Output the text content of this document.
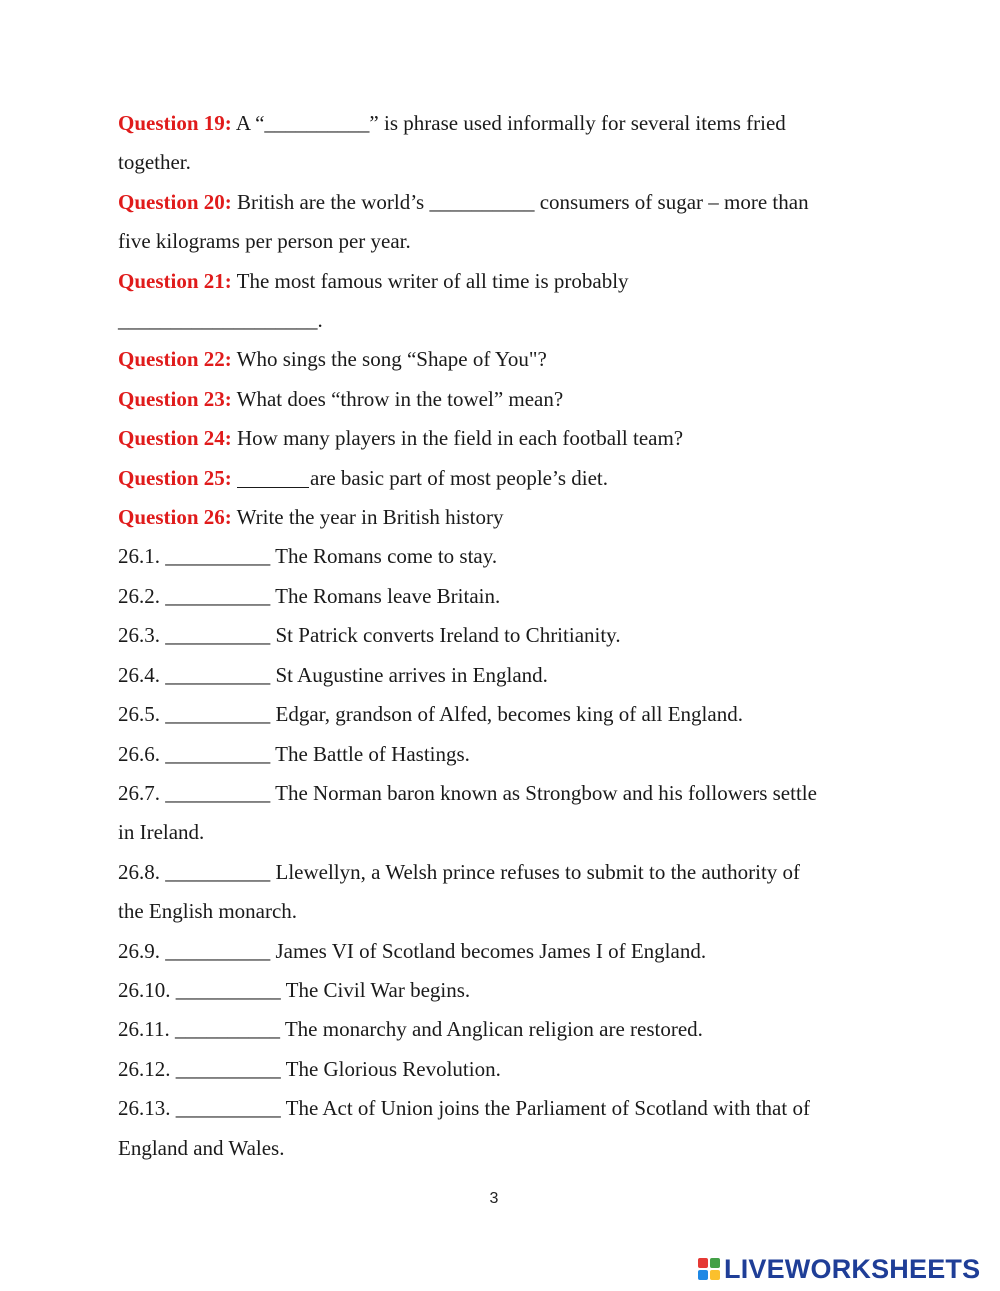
Question 19: A “__________” is phrase used informally for several items fried
together.
Question 20: British are the world’s __________ consumers of sugar – more than
five kilograms per person per year.
Question 21: The most famous writer of all time is probably
___________________.
Question 22: Who sings the song “Shape of You"?
Question 23: What does “throw in the towel” mean?
Question 24: How many players in the field in each football team?
Question 25:	are basic part of most people’s diet.
Question 26: Write the year in British history
26.1. __________ The Romans come to stay.
26.2. __________ The Romans leave Britain.
26.3. __________ St Patrick converts Ireland to Chritianity.
26.4. __________ St Augustine arrives in England.
26.5. __________ Edgar, grandson of Alfed, becomes king of all England.
26.6. __________ The Battle of Hastings.
26.7. __________ The Norman baron known as Strongbow and his followers settle
in Ireland.
26.8. __________ Llewellyn, a Welsh prince refuses to submit to the authority of
the English monarch.
26.9. __________ James VI of Scotland becomes James I of England.
26.10. __________ The Civil War begins.
26.11. __________ The monarchy and Anglican religion are restored.
26.12. __________ The Glorious Revolution.
26.13. __________ The Act of Union joins the Parliament of Scotland with that of
England and Wales.
3
LIVEWORKSHEETS
